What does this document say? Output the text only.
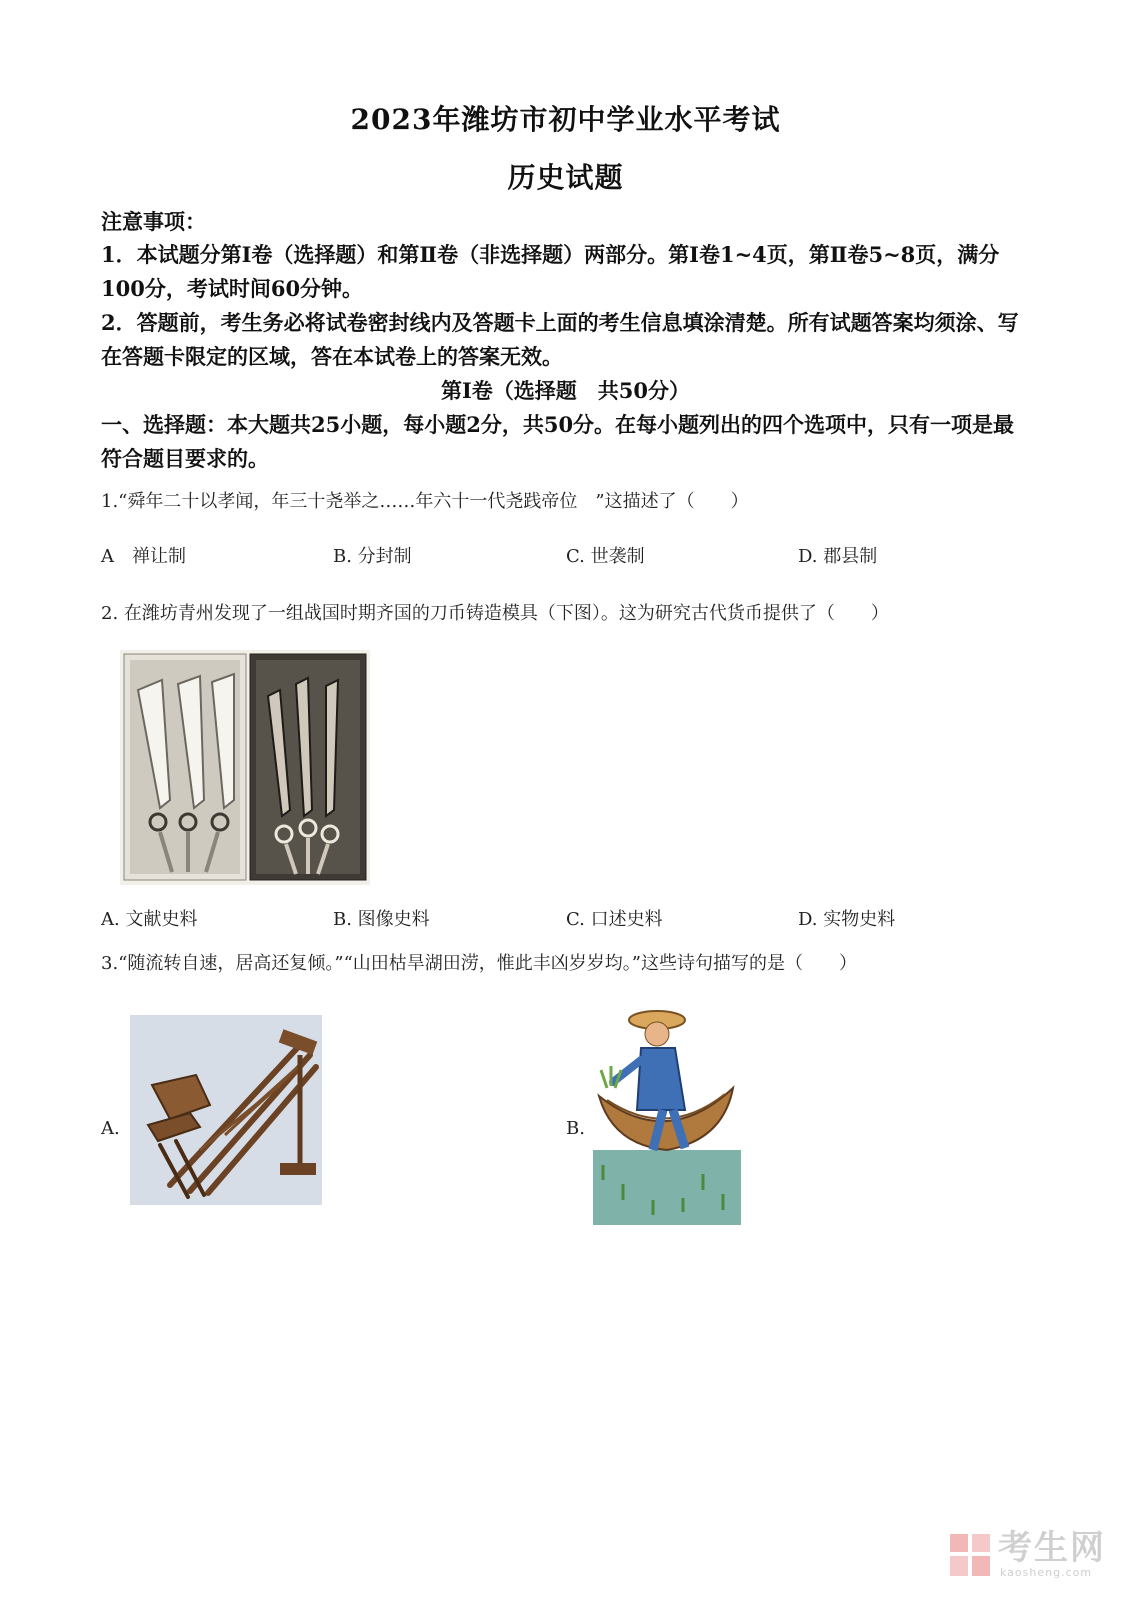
2023年潍坊市初中学业水平考试
历史试题
注意事项：
1．本试题分第Ⅰ卷（选择题）和第Ⅱ卷（非选择题）两部分。第Ⅰ卷1~4页，第Ⅱ卷5~8页，满分100分，考试时间60分钟。
2．答题前，考生务必将试卷密封线内及答题卡上面的考生信息填涂清楚。所有试题答案均须涂、写在答题卡限定的区域，答在本试卷上的答案无效。
第Ⅰ卷（选择题　共50分）
一、选择题：本大题共25小题，每小题2分，共50分。在每小题列出的四个选项中，只有一项是最符合题目要求的。
1.“舜年二十以孝闻，年三十尧举之……年六十一代尧践帝位　”这描述了（　　）
A　禅让制	B. 分封制	C. 世袭制	D. 郡县制
2. 在潍坊青州发现了一组战国时期齐国的刀币铸造模具（下图）。这为研究古代货币提供了（　　）
A. 文献史料	B. 图像史料	C. 口述史料	D. 实物史料
3.“随流转自速，居高还复倾。”“山田枯旱湖田涝，惟此丰凶岁岁均。”这些诗句描写的是（　　）
A.	B.
考生网
kaosheng.com
